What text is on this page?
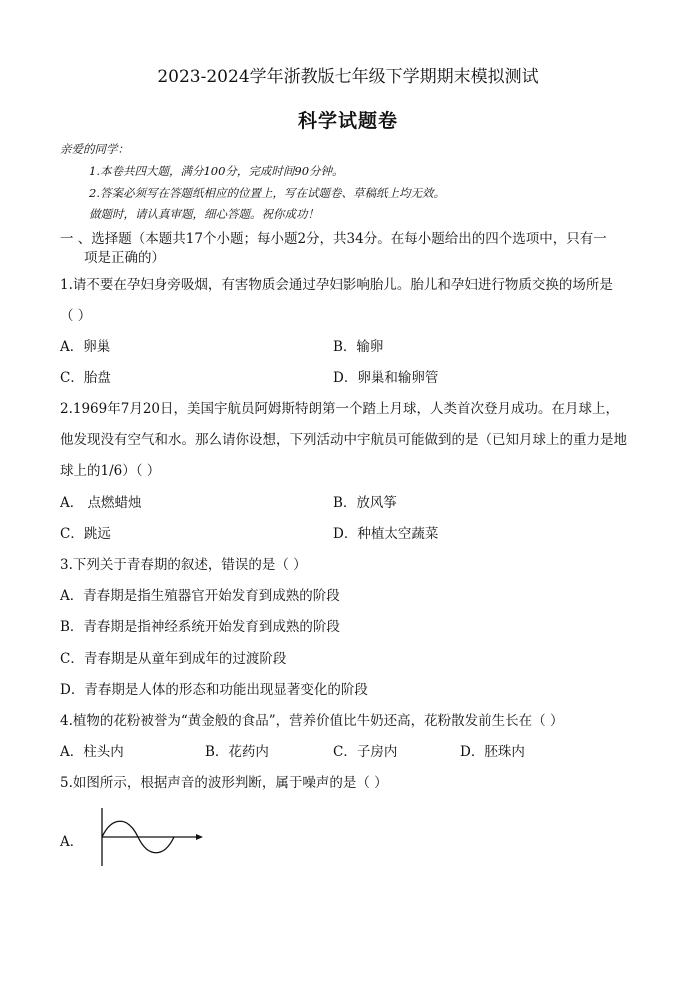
2023-2024学年浙教版七年级下学期期末模拟测试
科学试题卷
亲爱的同学：
1.本卷共四大题，满分100分，完成时间90分钟。
2.答案必须写在答题纸相应的位置上，写在试题卷、草稿纸上均无效。
做题时，请认真审题，细心答题。祝你成功！
一 、选择题（本题共17个小题；每小题2分，共34分。在每小题给出的四个选项中，只有一
项是正确的）
1.请不要在孕妇身旁吸烟，有害物质会通过孕妇影响胎儿。胎儿和孕妇进行物质交换的场所是
（ ）
A．卵巢	B．输卵
C．胎盘	D．卵巢和输卵管
2.1969年7月20日，美国宇航员阿姆斯特朗第一个踏上月球，人类首次登月成功。在月球上，
他发现没有空气和水。那么请你设想，下列活动中宇航员可能做到的是（已知月球上的重力是地
球上的1/6）（ ）
A． 点燃蜡烛	B．放风筝
C．跳远	D．种植太空蔬菜
3.下列关于青春期的叙述，错误的是（ ）
A．青春期是指生殖器官开始发育到成熟的阶段
B．青春期是指神经系统开始发育到成熟的阶段
C．青春期是从童年到成年的过渡阶段
D．青春期是人体的形态和功能出现显著变化的阶段
4.植物的花粉被誉为“黄金般的食品”，营养价值比牛奶还高，花粉散发前生长在（ ）
A．柱头内	B．花药内	C．子房内	D．胚珠内
5.如图所示，根据声音的波形判断，属于噪声的是（ ）
A．
